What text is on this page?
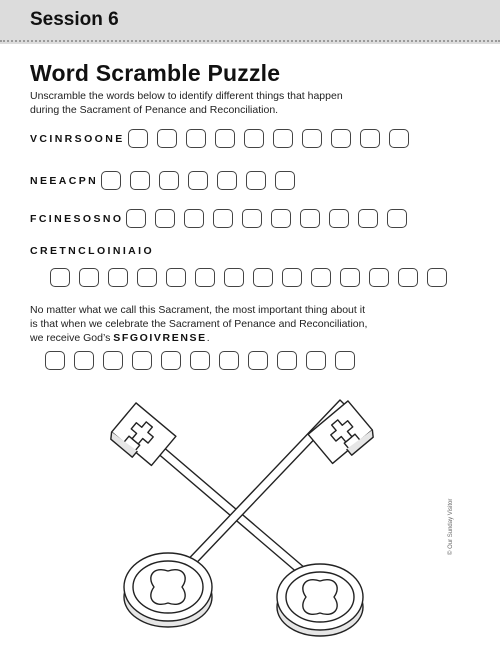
Session 6
Word Scramble Puzzle
Unscramble the words below to identify different things that happen during the Sacrament of Penance and Reconciliation.
VCINRSOONE
NEEACPN
FCINESOSNO
CRETNCLOINIAIO
No matter what we call this Sacrament, the most important thing about it is that when we celebrate the Sacrament of Penance and Reconciliation, we receive God’s SFGOIVRENSE.
© Our Sunday Visitor
